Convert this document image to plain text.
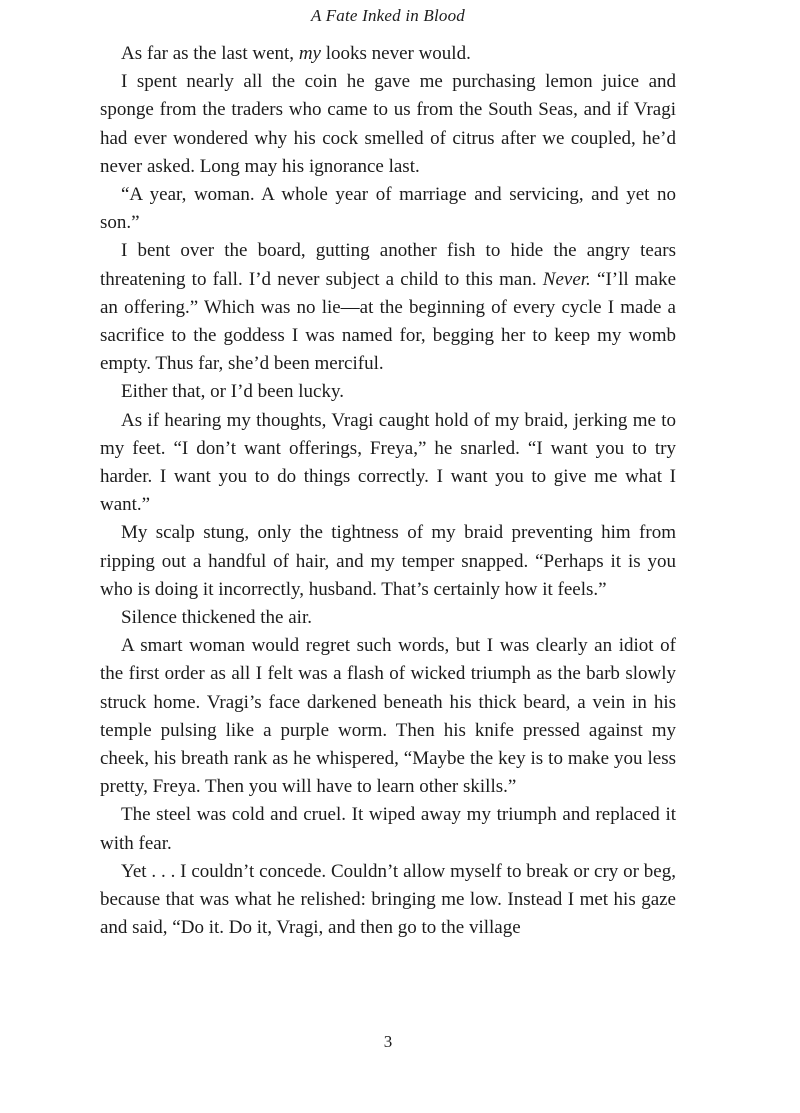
A Fate Inked in Blood

As far as the last went, my looks never would.

I spent nearly all the coin he gave me purchasing lemon juice and sponge from the traders who came to us from the South Seas, and if Vragi had ever wondered why his cock smelled of citrus after we coupled, he’d never asked. Long may his ignorance last.

“A year, woman. A whole year of marriage and servicing, and yet no son.”

I bent over the board, gutting another fish to hide the angry tears threatening to fall. I’d never subject a child to this man. Never. “I’ll make an offering.” Which was no lie—at the beginning of every cycle I made a sacrifice to the goddess I was named for, begging her to keep my womb empty. Thus far, she’d been merciful.

Either that, or I’d been lucky.

As if hearing my thoughts, Vragi caught hold of my braid, jerking me to my feet. “I don’t want offerings, Freya,” he snarled. “I want you to try harder. I want you to do things correctly. I want you to give me what I want.”

My scalp stung, only the tightness of my braid preventing him from ripping out a handful of hair, and my temper snapped. “Perhaps it is you who is doing it incorrectly, husband. That’s certainly how it feels.”

Silence thickened the air.

A smart woman would regret such words, but I was clearly an idiot of the first order as all I felt was a flash of wicked triumph as the barb slowly struck home. Vragi’s face darkened beneath his thick beard, a vein in his temple pulsing like a purple worm. Then his knife pressed against my cheek, his breath rank as he whispered, “Maybe the key is to make you less pretty, Freya. Then you will have to learn other skills.”

The steel was cold and cruel. It wiped away my triumph and replaced it with fear.

Yet . . . I couldn’t concede. Couldn’t allow myself to break or cry or beg, because that was what he relished: bringing me low. Instead I met his gaze and said, “Do it. Do it, Vragi, and then go to the village

3
